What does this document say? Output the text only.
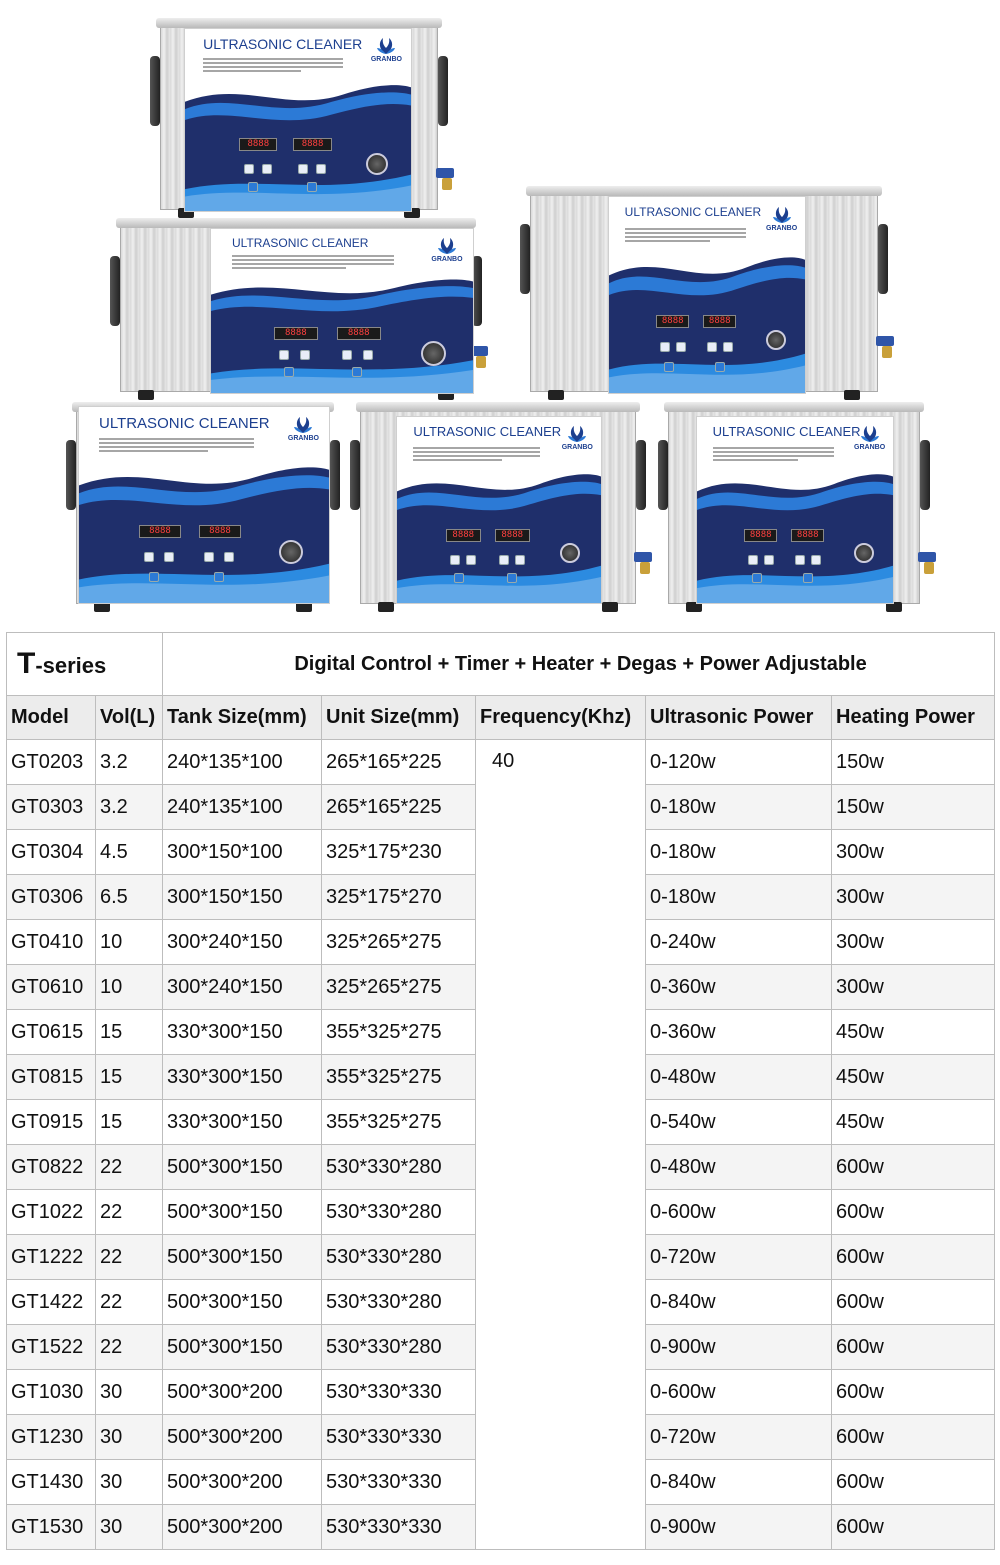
ULTRASONIC CLEANER
GRANBO
8888	8888
ULTRASONIC CLEANER
GRANBO
8888	8888
ULTRASONIC CLEANER
GRANBO
8888	8888
ULTRASONIC CLEANER
GRANBO
8888	8888
ULTRASONIC CLEANER
GRANBO
8888	8888
ULTRASONIC CLEANER
GRANBO
8888	8888
T-series		Digital Control + Timer + Heater + Degas + Power Adjustable				
Model	Vol(L)	Tank Size(mm)	Unit Size(mm)	Frequency(Khz)	Ultrasonic Power	Heating Power
GT0203	3.2	240*135*100	265*165*225	40	0-120w	150w
GT0303	3.2	240*135*100	265*165*225		0-180w	150w
GT0304	4.5	300*150*100	325*175*230		0-180w	300w
GT0306	6.5	300*150*150	325*175*270		0-180w	300w
GT0410	10	300*240*150	325*265*275		0-240w	300w
GT0610	10	300*240*150	325*265*275		0-360w	300w
GT0615	15	330*300*150	355*325*275		0-360w	450w
GT0815	15	330*300*150	355*325*275		0-480w	450w
GT0915	15	330*300*150	355*325*275		0-540w	450w
GT0822	22	500*300*150	530*330*280		0-480w	600w
GT1022	22	500*300*150	530*330*280		0-600w	600w
GT1222	22	500*300*150	530*330*280		0-720w	600w
GT1422	22	500*300*150	530*330*280		0-840w	600w
GT1522	22	500*300*150	530*330*280		0-900w	600w
GT1030	30	500*300*200	530*330*330		0-600w	600w
GT1230	30	500*300*200	530*330*330		0-720w	600w
GT1430	30	500*300*200	530*330*330		0-840w	600w
GT1530	30	500*300*200	530*330*330		0-900w	600w
